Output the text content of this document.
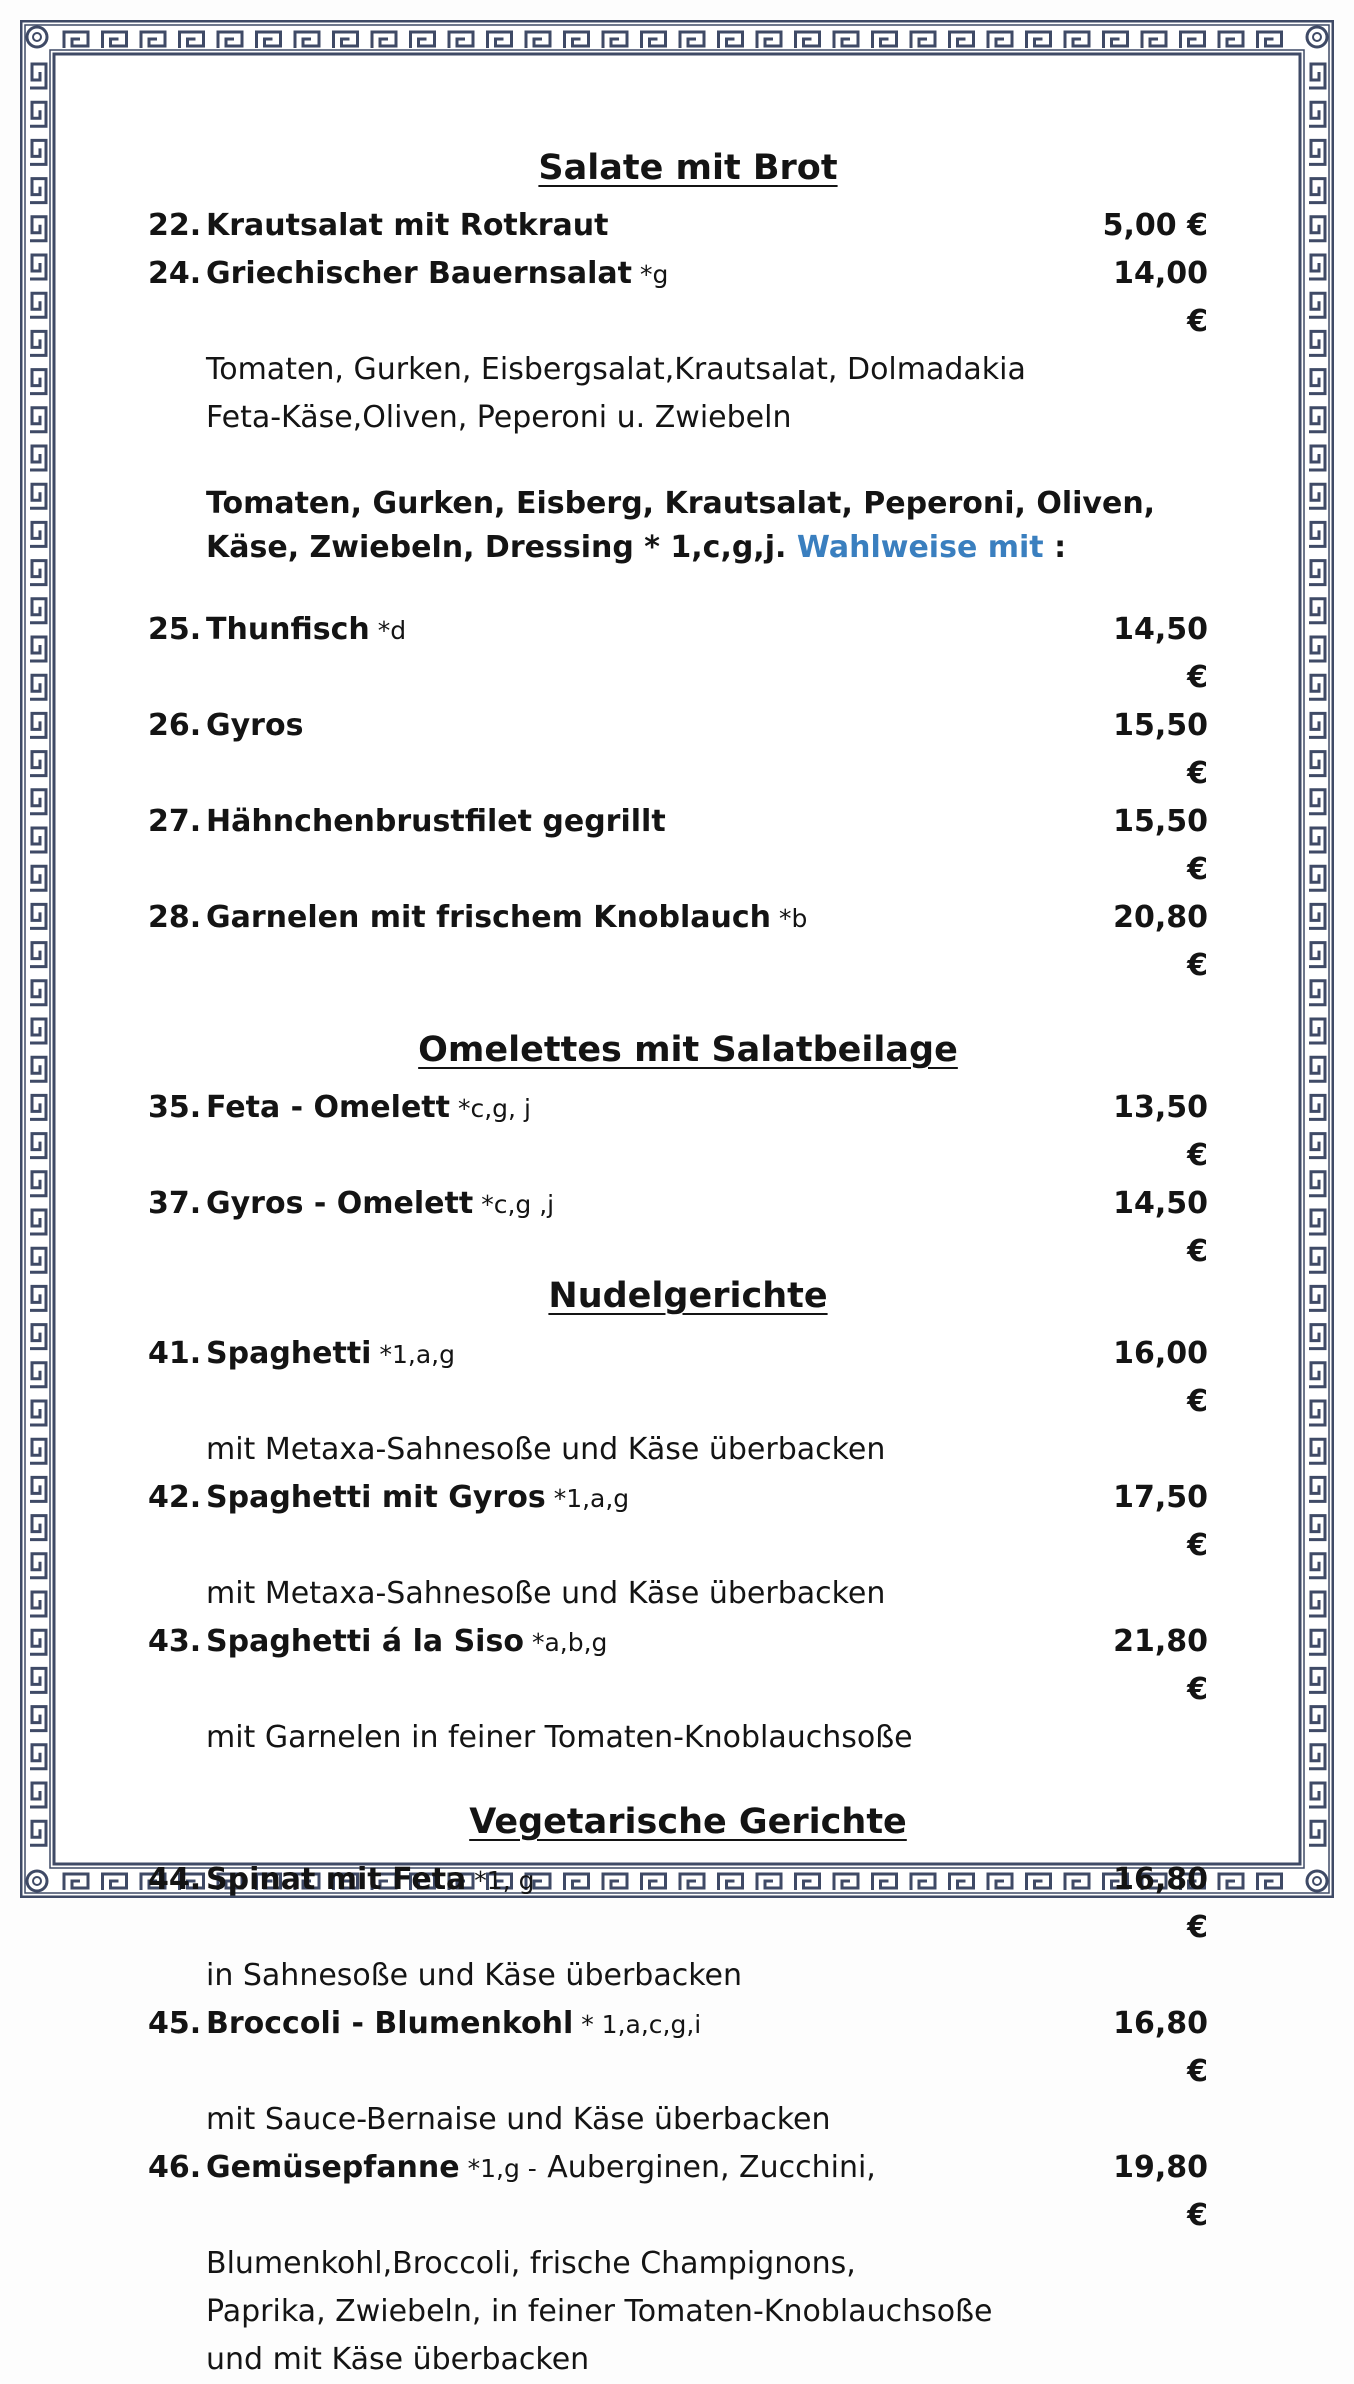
Salate mit Brot
22. Krautsalat mit Rotkraut	5,00 €
24. Griechischer Bauernsalat *g	14,00 €
Tomaten, Gurken, Eisbergsalat,Krautsalat, Dolmadakia
Feta-Käse,Oliven, Peperoni u. Zwiebeln
Tomaten, Gurken, Eisberg, Krautsalat, Peperoni, Oliven,
Käse, Zwiebeln, Dressing * 1,c,g,j. Wahlweise mit :
25. Thunfisch *d	14,50 €
26. Gyros	15,50 €
27. Hähnchenbrustfilet gegrillt	15,50 €
28. Garnelen mit frischem Knoblauch *b	20,80 €
Omelettes mit Salatbeilage
35. Feta - Omelett *c,g, j	13,50 €
37. Gyros - Omelett *c,g ,j	14,50 €
Nudelgerichte
41. Spaghetti *1,a,g	16,00 €
mit Metaxa-Sahnesoße und Käse überbacken
42. Spaghetti mit Gyros *1,a,g	17,50 €
mit Metaxa-Sahnesoße und Käse überbacken
43. Spaghetti á la Siso *a,b,g	21,80 €
mit Garnelen in feiner Tomaten-Knoblauchsoße
Vegetarische Gerichte
44. Spinat mit Feta *1, g	16,80 €
in Sahnesoße und Käse überbacken
45. Broccoli - Blumenkohl * 1,a,c,g,i	16,80 €
mit Sauce-Bernaise und Käse überbacken
46. Gemüsepfanne *1,g - Auberginen, Zucchini,	19,80 €
Blumenkohl,Broccoli, frische Champignons,
Paprika, Zwiebeln, in feiner Tomaten-Knoblauchsoße
und mit Käse überbacken
